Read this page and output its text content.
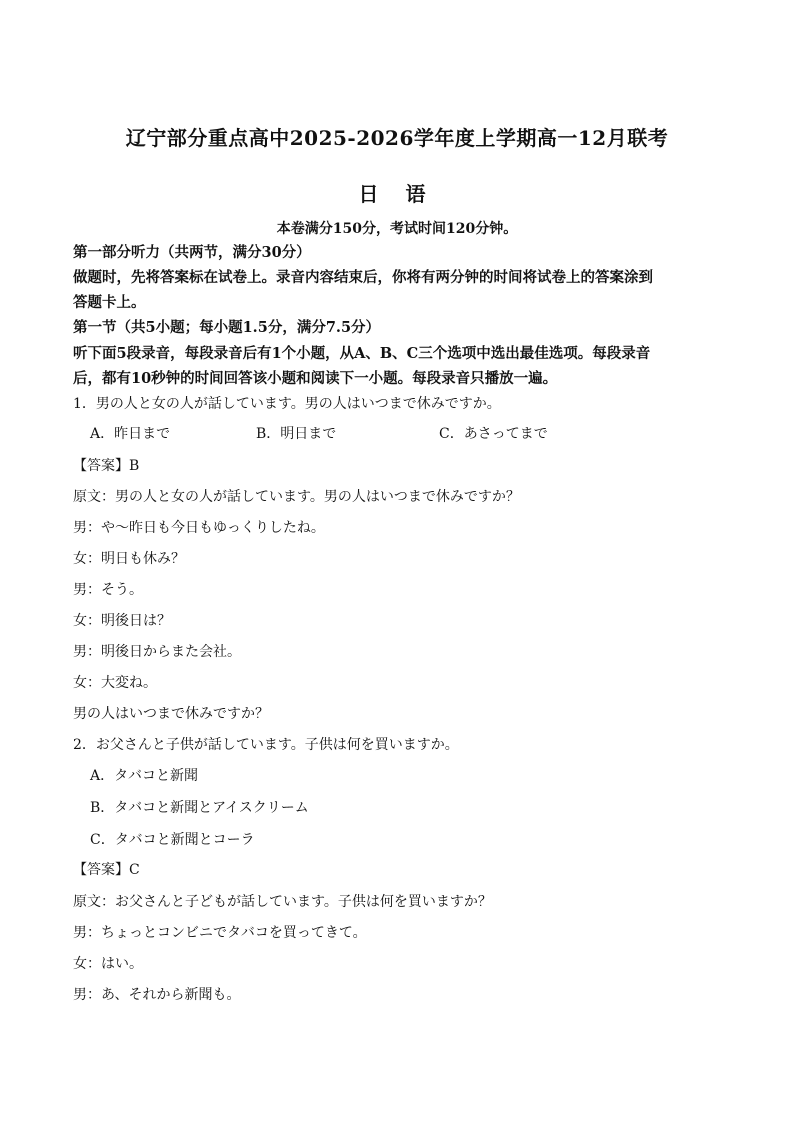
辽宁部分重点高中2025-2026学年度上学期高一12月联考
日 语
本卷满分150分，考试时间120分钟。
第一部分听力（共两节，满分30分）
做题时，先将答案标在试卷上。录音内容结束后，你将有两分钟的时间将试卷上的答案涂到
答题卡上。
第一节（共5小题；每小题1.5分，满分7.5分）
听下面5段录音，每段录音后有1个小题，从A、B、C三个选项中选出最佳选项。每段录音
后，都有10秒钟的时间回答该小题和阅读下一小题。每段录音只播放一遍。
1．男の人と女の人が話しています。男の人はいつまで休みですか。
A．昨日まで	B．明日まで	C．あさってまで
【答案】B
原文：男の人と女の人が話しています。男の人はいつまで休みですか？
男：や～昨日も今日もゆっくりしたね。
女：明日も休み？
男：そう。
女：明後日は？
男：明後日からまた会社。
女：大変ね。
男の人はいつまで休みですか？
2．お父さんと子供が話しています。子供は何を買いますか。
A．タバコと新聞
B．タバコと新聞とアイスクリーム
C．タバコと新聞とコーラ
【答案】C
原文：お父さんと子どもが話しています。子供は何を買いますか？
男：ちょっとコンビニでタバコを買ってきて。
女：はい。
男：あ、それから新聞も。
